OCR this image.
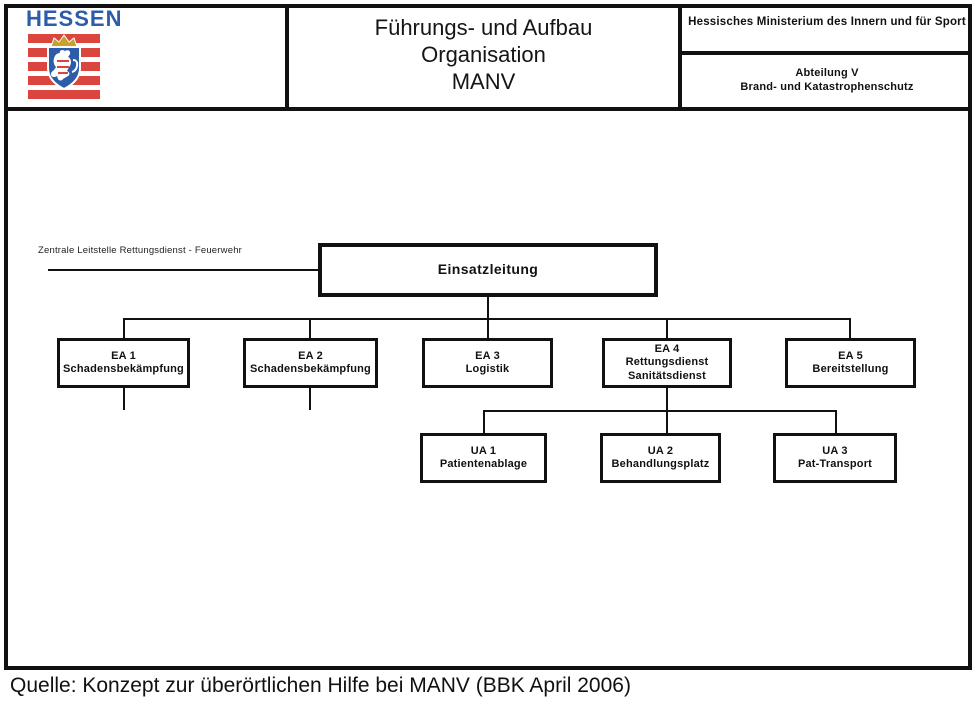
HESSEN	Führungs- und Aufbau
Organisation
MANV
Hessisches Ministerium des Innern und für Sport
Abteilung V
Brand- und Katastrophenschutz
Zentrale Leitstelle Rettungsdienst - Feuerwehr
Einsatzleitung
EA 1
Schadensbekämpfung
EA 2
Schadensbekämpfung
EA 3
Logistik
EA 4
Rettungsdienst
Sanitätsdienst
EA 5
Bereitstellung
UA 1
Patientenablage
UA 2
Behandlungsplatz
UA 3
Pat-Transport
Quelle: Konzept zur überörtlichen Hilfe bei MANV (BBK April 2006)
